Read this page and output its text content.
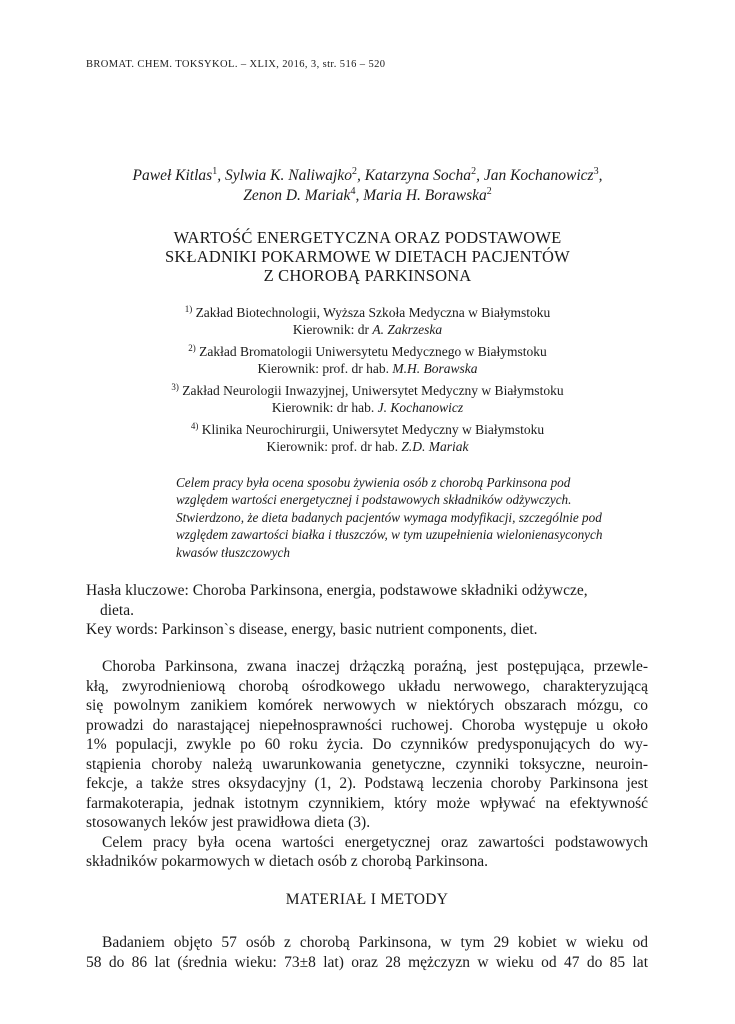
BROMAT. CHEM. TOKSYKOL. – XLIX, 2016, 3, str. 516 – 520
Paweł Kitlas$^1$, Sylwia K. Naliwajko$^2$, Katarzyna Socha$^2$, Jan Kochanowicz$^3$,
Zenon D. Mariak$^4$, Maria H. Borawska$^2$
WARTOŚĆ ENERGETYCZNA ORAZ PODSTAWOWE
SKŁADNIKI POKARMOWE W DIETACH PACJENTÓW
Z CHOROBĄ PARKINSONA
$^{1)}$ Zakład Biotechnologii, Wyższa Szkoła Medyczna w Białymstoku
Kierownik: dr A. Zakrzeska
$^{2)}$ Zakład Bromatologii Uniwersytetu Medycznego w Białymstoku
Kierownik: prof. dr hab. M.H. Borawska
$^{3)}$ Zakład Neurologii Inwazyjnej, Uniwersytet Medyczny w Białymstoku
Kierownik: dr hab. J. Kochanowicz
$^{4)}$ Klinika Neurochirurgii, Uniwersytet Medyczny w Białymstoku
Kierownik: prof. dr hab. Z.D. Mariak
Celem pracy była ocena sposobu żywienia osób z chorobą Parkinsona pod
względem wartości energetycznej i podstawowych składników odżywczych.
Stwierdzono, że dieta badanych pacjentów wymaga modyfikacji, szczególnie pod
względem zawartości białka i tłuszczów, w tym uzupełnienia wielonienasyconych
kwasów tłuszczowych
Hasła kluczowe: Choroba Parkinsona, energia, podstawowe składniki odżywcze,
dieta.
Key words: Parkinson`s disease, energy, basic nutrient components, diet.
Choroba Parkinsona, zwana inaczej drżączką poraźną, jest postępująca, przewle-
kłą, zwyrodnieniową chorobą ośrodkowego układu nerwowego, charakteryzującą
się powolnym zanikiem komórek nerwowych w niektórych obszarach mózgu, co
prowadzi do narastającej niepełnosprawności ruchowej. Choroba występuje u około
1% populacji, zwykle po 60 roku życia. Do czynników predysponujących do wy-
stąpienia choroby należą uwarunkowania genetyczne, czynniki toksyczne, neuroin-
fekcje, a także stres oksydacyjny (1, 2). Podstawą leczenia choroby Parkinsona jest
farmakoterapia, jednak istotnym czynnikiem, który może wpływać na efektywność
stosowanych leków jest prawidłowa dieta (3).
Celem pracy była ocena wartości energetycznej oraz zawartości podstawowych
składników pokarmowych w dietach osób z chorobą Parkinsona.
MATERIAŁ I METODY
Badaniem objęto 57 osób z chorobą Parkinsona, w tym 29 kobiet w wieku od
58 do 86 lat (średnia wieku: 73±8 lat) oraz 28 mężczyzn w wieku od 47 do 85 lat
